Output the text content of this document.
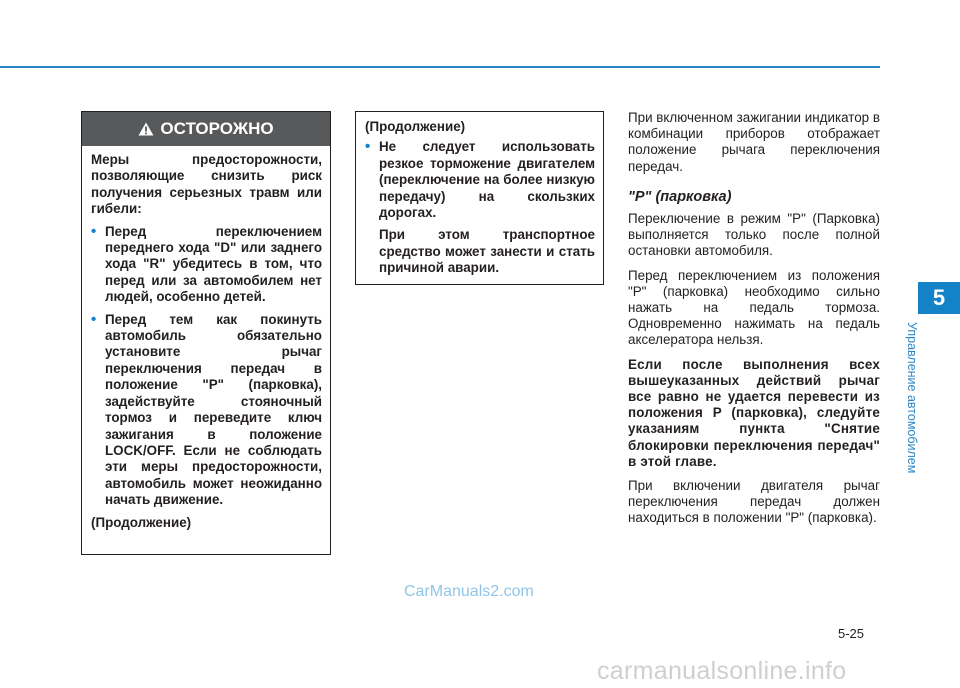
5
Управление автомобилем
ОСТОРОЖНО

Меры предосторожности, позволяющие снизить риск получения серьезных травм или гибели:

• Перед переключением переднего хода "D" или заднего хода "R" убедитесь в том, что перед или за автомобилем нет людей, особенно детей.
• Перед тем как покинуть автомобиль обязательно установите рычаг переключения передач в положение "P" (парковка), задействуйте стояночный тормоз и переведите ключ зажигания в положение LOCK/OFF. Если не соблюдать эти меры предосторожности, автомобиль может неожиданно начать движение.

(Продолжение)

(Продолжение)

• Не следует использовать резкое торможение двигателем (переключение на более низкую передачу) на скользких дорогах.
При этом транспортное средство может занести и стать причиной аварии.

При включенном зажигании индикатор в комбинации приборов отображает положение рычага переключения передач.

"P" (парковка)

Переключение в режим "P" (Парковка) выполняется только после полной остановки автомобиля.

Перед переключением из положения "P" (парковка) необходимо сильно нажать на педаль тормоза. Одновременно нажимать на педаль акселератора нельзя.

Если после выполнения всех вышеуказанных действий рычаг все равно не удается перевести из положения P (парковка), следуйте указаниям пункта "Снятие блокировки переключения передач" в этой главе.

При включении двигателя рычаг переключения передач должен находиться в положении "P" (парковка).

CarManuals2.com
5-25
carmanualsonline.info
